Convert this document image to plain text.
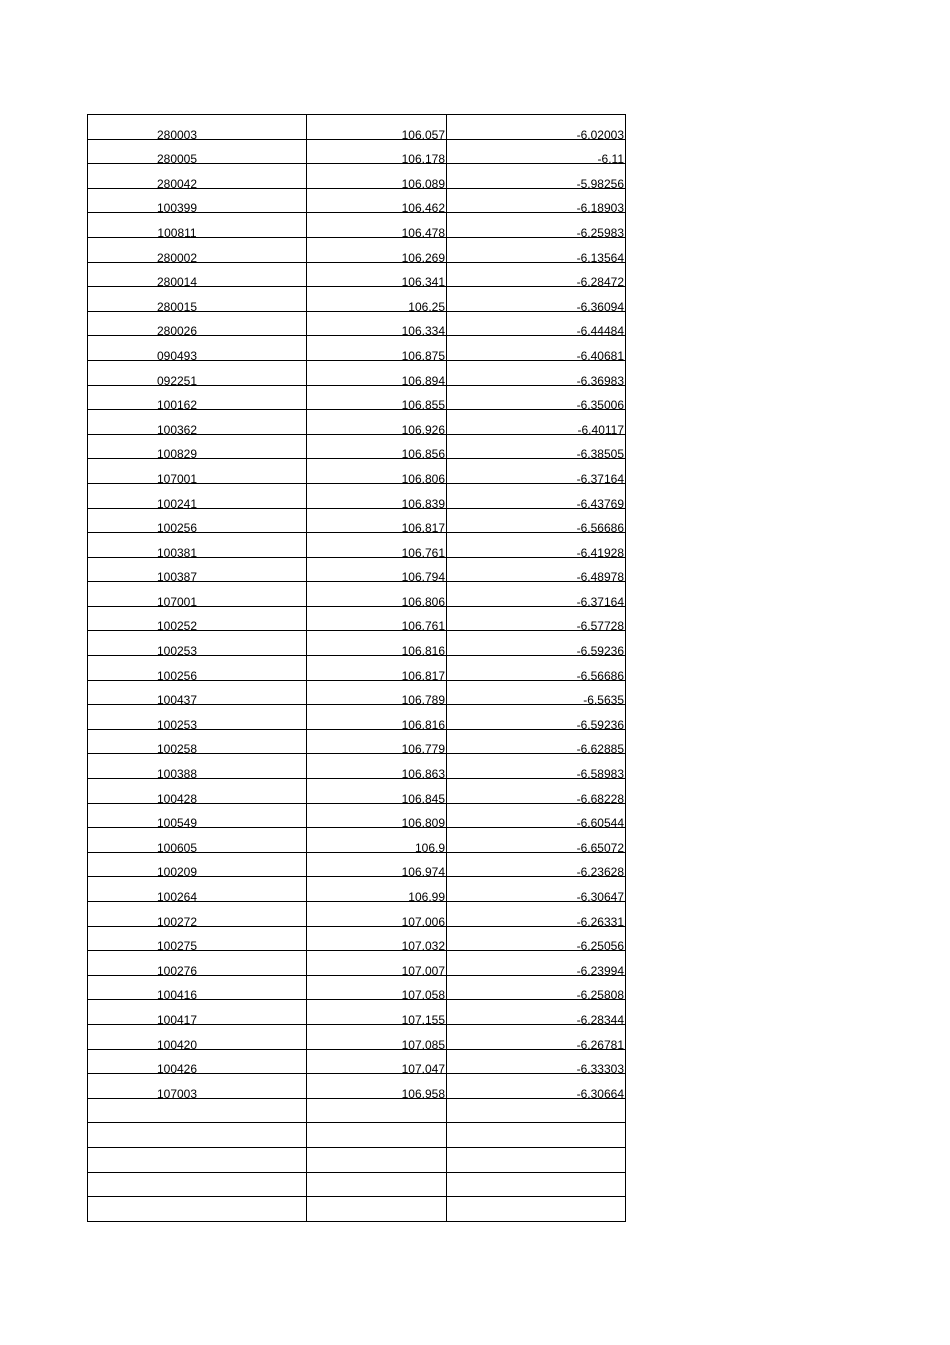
280003	106.057	-6.02003

280005	106.178	-6.11

280042	106.089	-5.98256

100399	106.462	-6.18903

100811	106.478	-6.25983

280002	106.269	-6.13564

280014	106.341	-6.28472

280015	106.25	-6.36094

280026	106.334	-6.44484

090493	106.875	-6.40681

092251	106.894	-6.36983

100162	106.855	-6.35006

100362	106.926	-6.40117

100829	106.856	-6.38505

107001	106.806	-6.37164

100241	106.839	-6.43769

100256	106.817	-6.56686

100381	106.761	-6.41928

100387	106.794	-6.48978

107001	106.806	-6.37164

100252	106.761	-6.57728

100253	106.816	-6.59236

100256	106.817	-6.56686

100437	106.789	-6.5635

100253	106.816	-6.59236

100258	106.779	-6.62885

100388	106.863	-6.58983

100428	106.845	-6.68228

100549	106.809	-6.60544

100605	106.9	-6.65072

100209	106.974	-6.23628

100264	106.99	-6.30647

100272	107.006	-6.26331

100275	107.032	-6.25056

100276	107.007	-6.23994

100416	107.058	-6.25808

100417	107.155	-6.28344

100420	107.085	-6.26781

100426	107.047	-6.33303

107003	106.958	-6.30664
